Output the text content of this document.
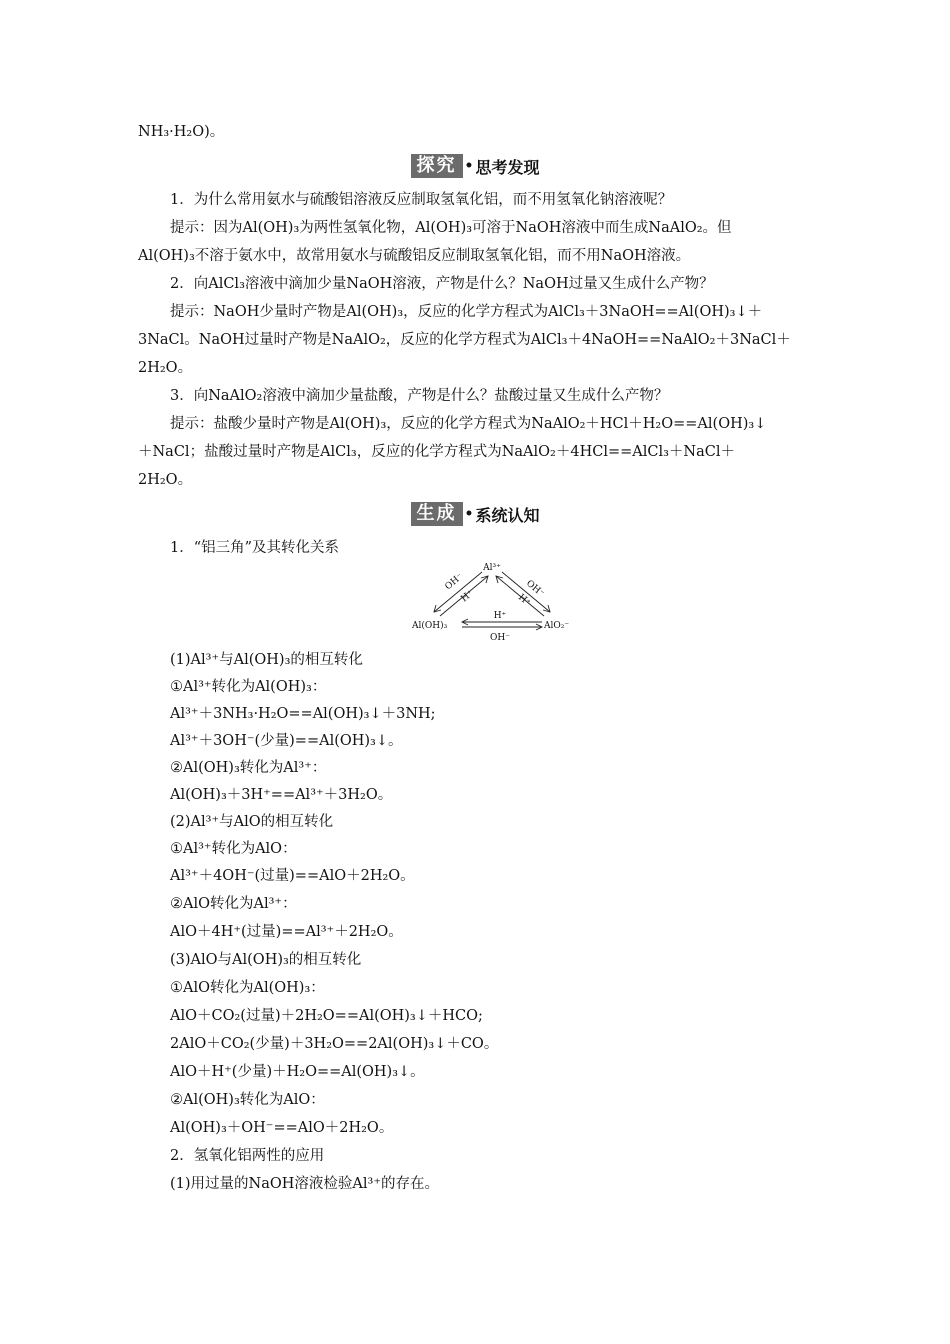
NH₃·H₂O)。
探究 • 思考发现
1．为什么常用氨水与硫酸铝溶液反应制取氢氧化铝，而不用氢氧化钠溶液呢？
提示：因为Al(OH)₃为两性氢氧化物，Al(OH)₃可溶于NaOH溶液中而生成NaAlO₂。但
Al(OH)₃不溶于氨水中，故常用氨水与硫酸铝反应制取氢氧化铝，而不用NaOH溶液。
2．向AlCl₃溶液中滴加少量NaOH溶液，产物是什么？NaOH过量又生成什么产物？
提示：NaOH少量时产物是Al(OH)₃，反应的化学方程式为AlCl₃＋3NaOH==Al(OH)₃↓＋
3NaCl。NaOH过量时产物是NaAlO₂，反应的化学方程式为AlCl₃＋4NaOH==NaAlO₂＋3NaCl＋
2H₂O。
3．向NaAlO₂溶液中滴加少量盐酸，产物是什么？盐酸过量又生成什么产物？
提示：盐酸少量时产物是Al(OH)₃，反应的化学方程式为NaAlO₂＋HCl＋H₂O==Al(OH)₃↓
＋NaCl；盐酸过量时产物是AlCl₃，反应的化学方程式为NaAlO₂＋4HCl==AlCl₃＋NaCl＋
2H₂O。
生成 • 系统认知
1．“铝三角”及其转化关系
Al³⁺
Al(OH)₃	AlO₂⁻
OH⁻
H⁺	OH⁻
H⁺
H⁺
OH⁻
(1)Al³⁺与Al(OH)₃的相互转化
①Al³⁺转化为Al(OH)₃：
Al³⁺＋3NH₃·H₂O==Al(OH)₃↓＋3NH;
Al³⁺＋3OH⁻(少量)==Al(OH)₃↓。
②Al(OH)₃转化为Al³⁺：
Al(OH)₃＋3H⁺==Al³⁺＋3H₂O。
(2)Al³⁺与AlO的相互转化
①Al³⁺转化为AlO：
Al³⁺＋4OH⁻(过量)==AlO＋2H₂O。
②AlO转化为Al³⁺：
AlO＋4H⁺(过量)==Al³⁺＋2H₂O。
(3)AlO与Al(OH)₃的相互转化
①AlO转化为Al(OH)₃：
AlO＋CO₂(过量)＋2H₂O==Al(OH)₃↓＋HCO;
2AlO＋CO₂(少量)＋3H₂O==2Al(OH)₃↓＋CO。
AlO＋H⁺(少量)＋H₂O==Al(OH)₃↓。
②Al(OH)₃转化为AlO：
Al(OH)₃＋OH⁻==AlO＋2H₂O。
2．氢氧化铝两性的应用
(1)用过量的NaOH溶液检验Al³⁺的存在。
